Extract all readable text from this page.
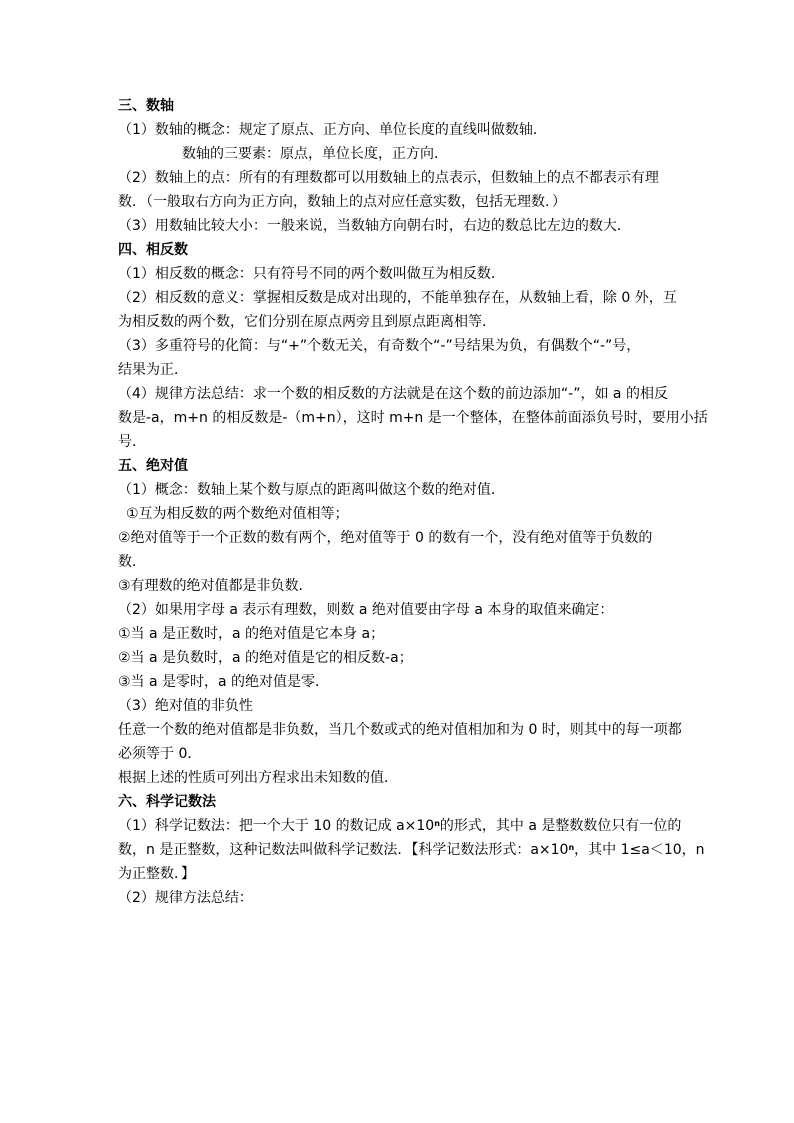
三、数轴
（1）数轴的概念：规定了原点、正方向、单位长度的直线叫做数轴．
数轴的三要素：原点，单位长度，正方向．
（2）数轴上的点：所有的有理数都可以用数轴上的点表示，但数轴上的点不都表示有理
数．（一般取右方向为正方向，数轴上的点对应任意实数，包括无理数．）
（3）用数轴比较大小：一般来说，当数轴方向朝右时，右边的数总比左边的数大．
四、相反数
（1）相反数的概念：只有符号不同的两个数叫做互为相反数．
（2）相反数的意义：掌握相反数是成对出现的，不能单独存在，从数轴上看，除 0 外，互
为相反数的两个数，它们分别在原点两旁且到原点距离相等．
（3）多重符号的化简：与“+”个数无关，有奇数个“-”号结果为负，有偶数个“-”号，
结果为正．
（4）规律方法总结：求一个数的相反数的方法就是在这个数的前边添加“-”，如 a 的相反
数是-a，m+n 的相反数是-（m+n），这时 m+n 是一个整体，在整体前面添负号时，要用小括
号．
五、绝对值
（1）概念：数轴上某个数与原点的距离叫做这个数的绝对值．
①互为相反数的两个数绝对值相等；
②绝对值等于一个正数的数有两个，绝对值等于 0 的数有一个，没有绝对值等于负数的
数．
③有理数的绝对值都是非负数．
（2）如果用字母 a 表示有理数，则数 a 绝对值要由字母 a 本身的取值来确定：
①当 a 是正数时，a 的绝对值是它本身 a；
②当 a 是负数时，a 的绝对值是它的相反数-a；
③当 a 是零时，a 的绝对值是零．
（3）绝对值的非负性
任意一个数的绝对值都是非负数，当几个数或式的绝对值相加和为 0 时，则其中的每一项都
必须等于 0．
根据上述的性质可列出方程求出未知数的值．
六、科学记数法
（1）科学记数法：把一个大于 10 的数记成 $a\times 10^n$的形式，其中 a 是整数数位只有一位的
数，n 是正整数，这种记数法叫做科学记数法．【科学记数法形式：$a\times 10^n$，其中 1≤a＜10，n
为正整数．】
（2）规律方法总结：
